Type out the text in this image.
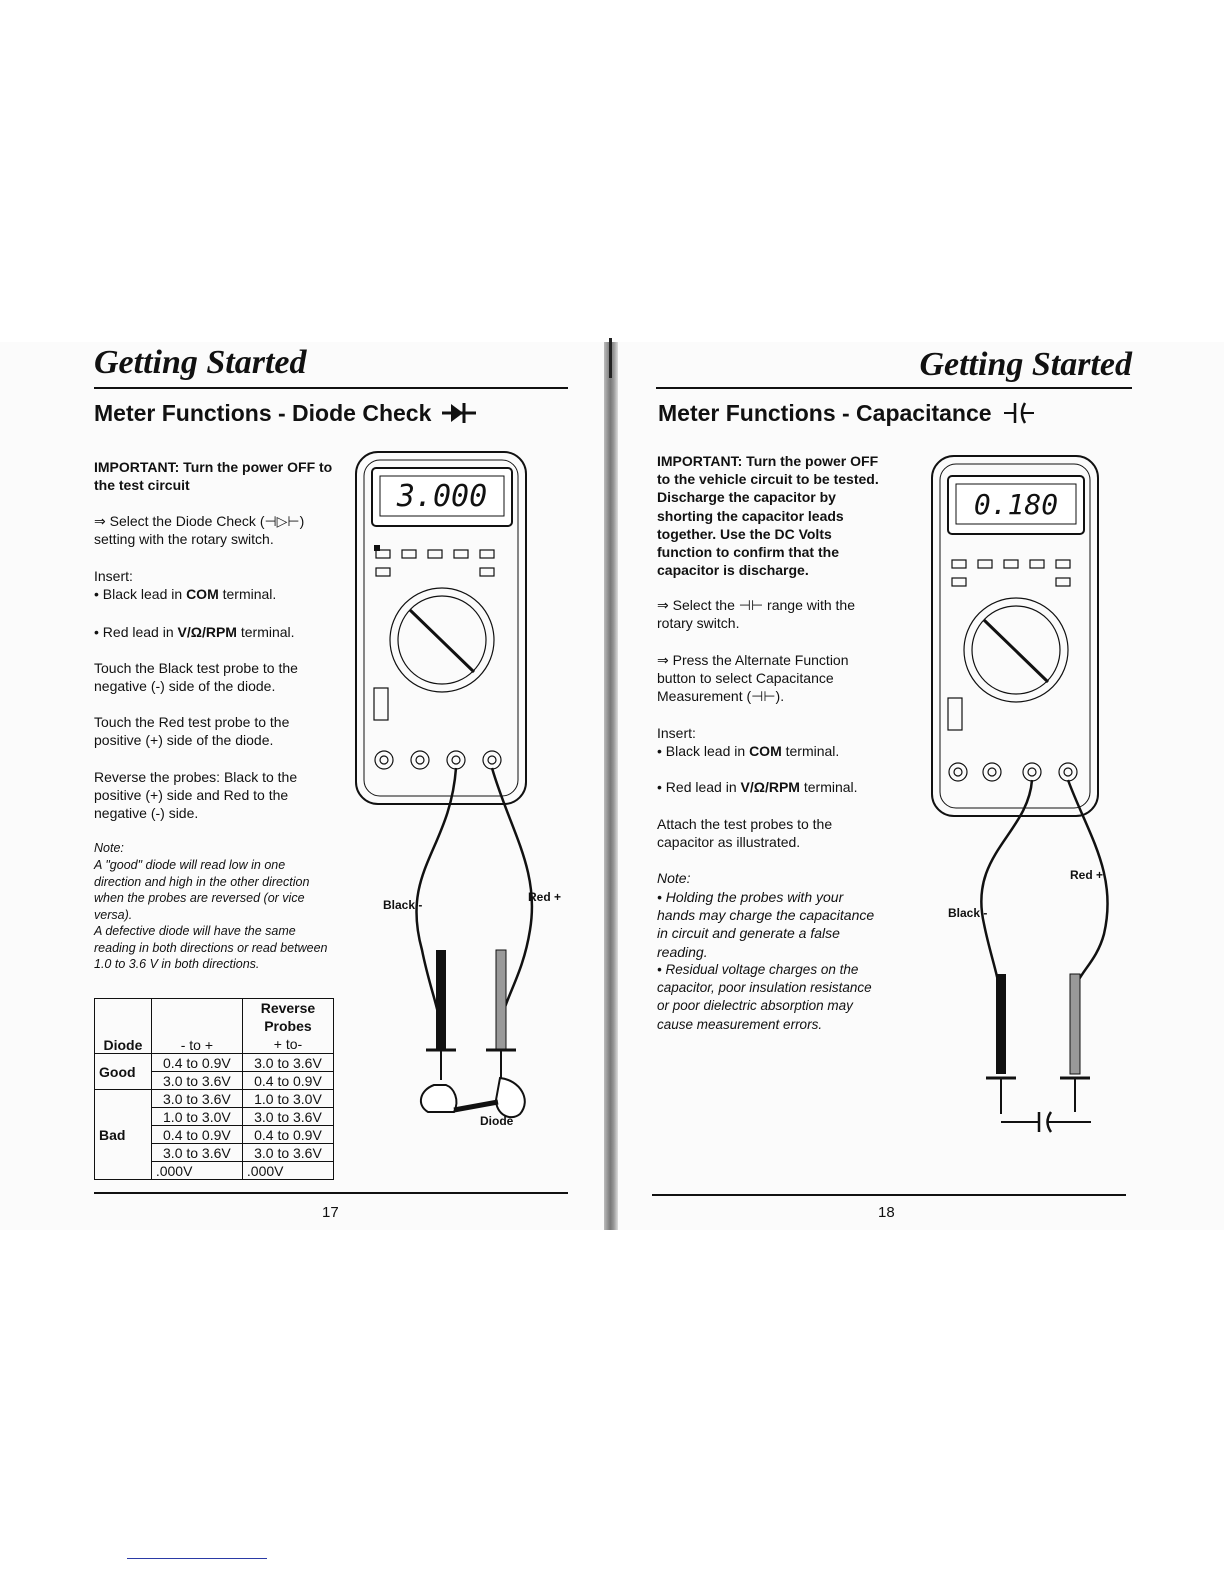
Getting Started
Meter Functions - Diode Check
IMPORTANT: Turn the power OFF to the test circuit
⇒ Select the Diode Check (⊣▷⊢) setting with the rotary switch.
Insert:
• Black lead in COM terminal.
• Red lead in V/Ω/RPM terminal.
Touch the Black test probe to the negative (-) side of the diode.
Touch the Red test probe to the positive (+) side of the diode.
Reverse the probes: Black to the positive (+) side and Red to the negative (-) side.
Note:
A "good" diode will read low in one direction and high in the other direction when the probes are reversed (or vice versa).
A defective diode will have the same reading in both directions or read between 1.0 to 3.6 V in both directions.
Diode	- to +	Reverse
Probes
+ to-
Good	0.4 to 0.9V	3.0 to 3.6V
	3.0 to 3.6V	0.4 to 0.9V
Bad	3.0 to 3.6V	1.0 to 3.0V
	1.0 to 3.0V	3.0 to 3.6V
	0.4 to 0.9V	0.4 to 0.9V
	3.0 to 3.6V	3.0 to 3.6V
	.000V	.000V
3.000
Black -
Red +
Diode
17
Getting Started
Meter Functions - Capacitance
IMPORTANT: Turn the power OFF to the vehicle circuit to be tested. Discharge the capacitor by shorting the capacitor leads together. Use the DC Volts function to confirm that the capacitor is discharge.
⇒ Select the ⊣⊢ range with the rotary switch.
⇒ Press the Alternate Function button to select Capacitance Measurement (⊣⊢).
Insert:
• Black lead in COM terminal.
• Red lead in V/Ω/RPM terminal.
Attach the test probes to the capacitor as illustrated.
Note:
• Holding the probes with your hands may charge the capacitance in circuit and generate a false reading.
• Residual voltage charges on the capacitor, poor insulation resistance or poor dielectric absorption may cause measurement errors.
0.180
Black -
Red +
18
